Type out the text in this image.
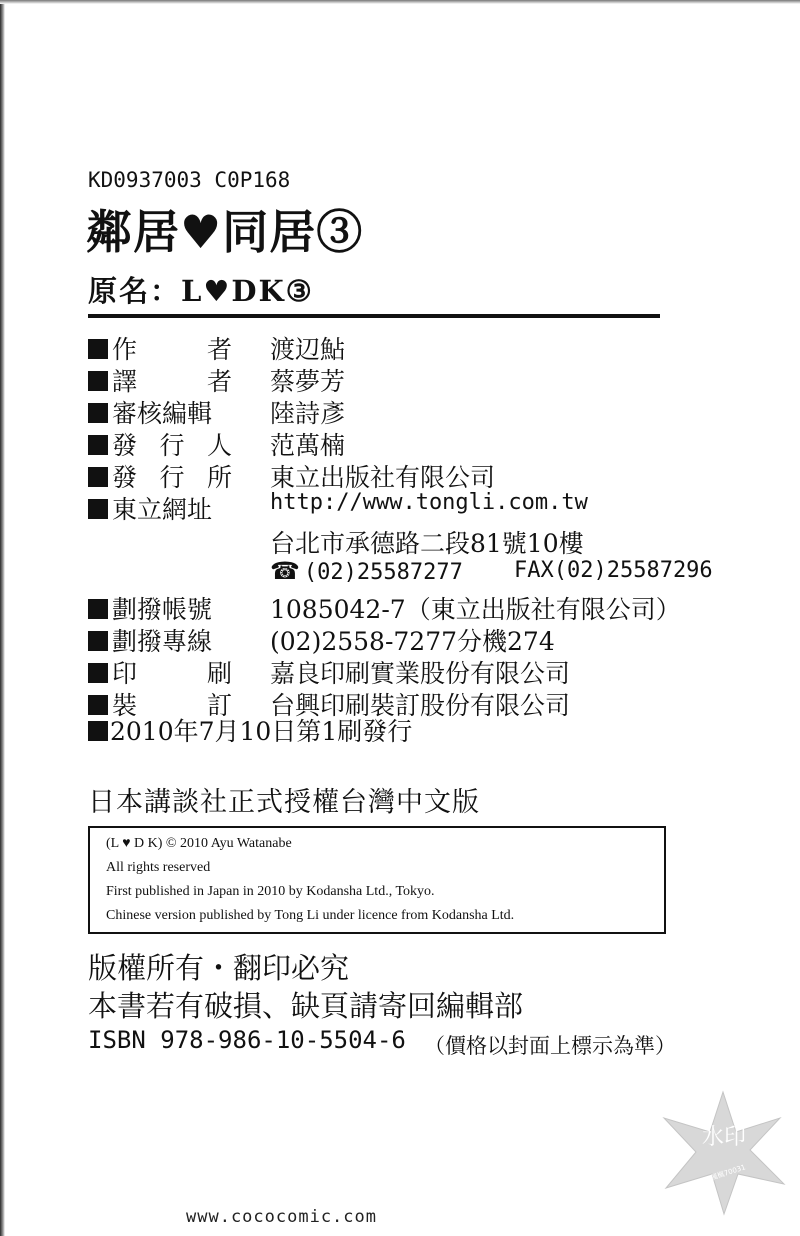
KD0937003 C0P168
鄰居♥同居③
原名：L♥DK③
作	者 渡辺鮎
譯	者 蔡夢芳
審核編輯	陸詩彥
發 行 人 范萬楠
發 行 所 東立出版社有限公司
東立網址	http://www.tongli.com.tw
台北市承德路二段81號10樓
☎ (02)25587277 FAX(02)25587296
劃撥帳號	1085042-7（東立出版社有限公司）
劃撥專線	(02)2558-7277分機274
印	刷 嘉良印刷實業股份有限公司
裝	訂 台興印刷裝訂股份有限公司
2010年7月10日第1刷發行
日本講談社正式授權台灣中文版
(L ♥ D K) © 2010 Ayu Watanabe
All rights reserved
First published in Japan in 2010 by Kodansha Ltd., Tokyo.
Chinese version published by Tong Li under licence from Kodansha Ltd.
版權所有・翻印必究
本書若有破損、缺頁請寄回編輯部
ISBN 978-986-10-5504-6 （價格以封面上標示為準）
水印
SCAN BY 楓楓70031
www.cococomic.com
